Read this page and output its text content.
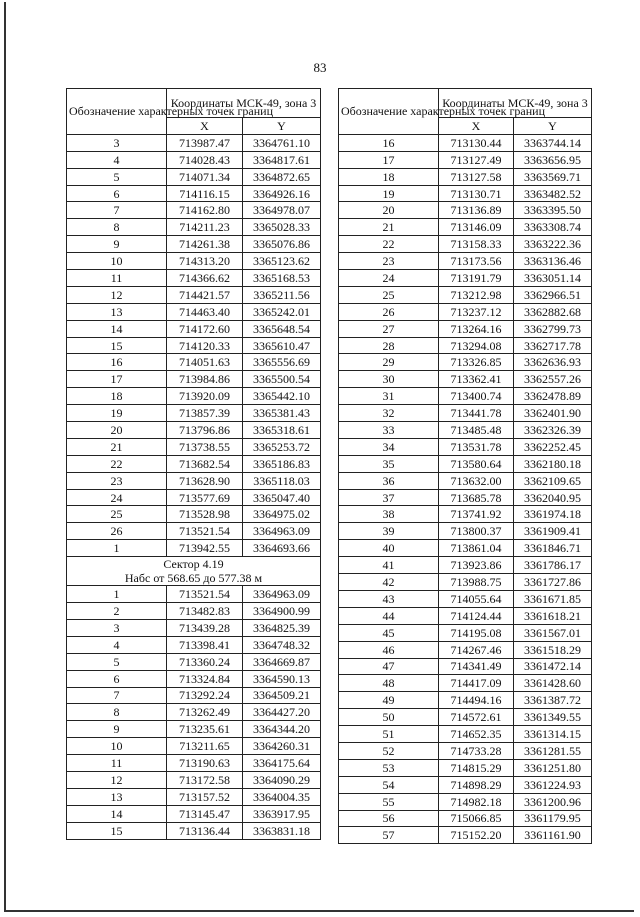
83
Обозначение характерных точек границ	Координаты МСК-49, зона 3	
	X	Y
3	713987.47	3364761.10
4	714028.43	3364817.61
5	714071.34	3364872.65
6	714116.15	3364926.16
7	714162.80	3364978.07
8	714211.23	3365028.33
9	714261.38	3365076.86
10	714313.20	3365123.62
11	714366.62	3365168.53
12	714421.57	3365211.56
13	714463.40	3365242.01
14	714172.60	3365648.54
15	714120.33	3365610.47
16	714051.63	3365556.69
17	713984.86	3365500.54
18	713920.09	3365442.10
19	713857.39	3365381.43
20	713796.86	3365318.61
21	713738.55	3365253.72
22	713682.54	3365186.83
23	713628.90	3365118.03
24	713577.69	3365047.40
25	713528.98	3364975.02
26	713521.54	3364963.09
1	713942.55	3364693.66

Сектор 4.19
Набс от 568.65 до 577.38 м		

1	713521.54	3364963.09
2	713482.83	3364900.99
3	713439.28	3364825.39
4	713398.41	3364748.32
5	713360.24	3364669.87
6	713324.84	3364590.13
7	713292.24	3364509.21
8	713262.49	3364427.20
9	713235.61	3364344.20
10	713211.65	3364260.31
11	713190.63	3364175.64
12	713172.58	3364090.29
13	713157.52	3364004.35
14	713145.47	3363917.95
15	713136.44	3363831.18
Обозначение характерных точек границ	Координаты МСК-49, зона 3	
	X	Y
16	713130.44	3363744.14
17	713127.49	3363656.95
18	713127.58	3363569.71
19	713130.71	3363482.52
20	713136.89	3363395.50
21	713146.09	3363308.74
22	713158.33	3363222.36
23	713173.56	3363136.46
24	713191.79	3363051.14
25	713212.98	3362966.51
26	713237.12	3362882.68
27	713264.16	3362799.73
28	713294.08	3362717.78
29	713326.85	3362636.93
30	713362.41	3362557.26
31	713400.74	3362478.89
32	713441.78	3362401.90
33	713485.48	3362326.39
34	713531.78	3362252.45
35	713580.64	3362180.18
36	713632.00	3362109.65
37	713685.78	3362040.95
38	713741.92	3361974.18
39	713800.37	3361909.41
40	713861.04	3361846.71
41	713923.86	3361786.17
42	713988.75	3361727.86
43	714055.64	3361671.85
44	714124.44	3361618.21
45	714195.08	3361567.01
46	714267.46	3361518.29
47	714341.49	3361472.14
48	714417.09	3361428.60
49	714494.16	3361387.72
50	714572.61	3361349.55
51	714652.35	3361314.15
52	714733.28	3361281.55
53	714815.29	3361251.80
54	714898.29	3361224.93
55	714982.18	3361200.96
56	715066.85	3361179.95
57	715152.20	3361161.90
